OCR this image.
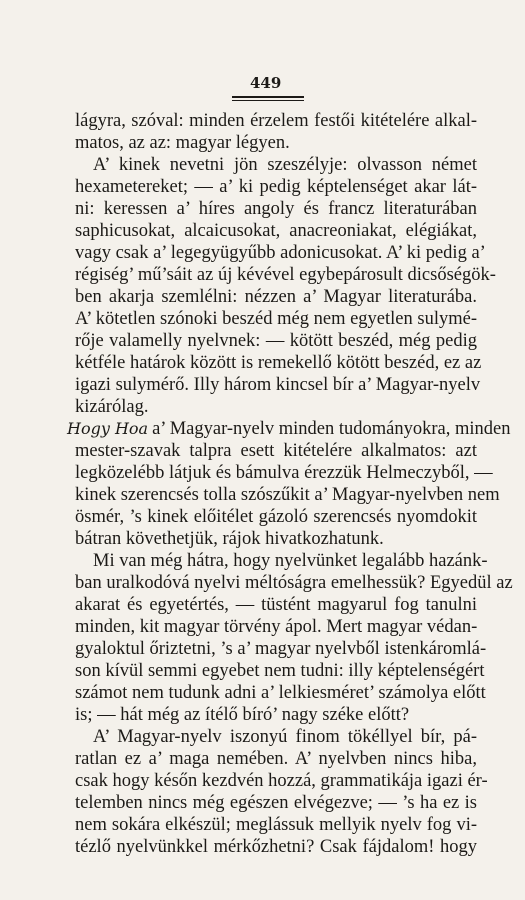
449
lágyra, szóval: minden érzelem festői kitételére alkal-
matos, az az: magyar légyen.
A’ kinek nevetni jön szeszélyje: olvasson német
hexametereket; — a’ ki pedig képtelenséget akar lát-
ni: keressen a’ híres angoly és francz literaturában
saphicusokat, alcaicusokat, anacreoniakat, elégiákat,
vagy csak a’ legegyügyűbb adonicusokat. A’ ki pedig a’
régiség’ mű’sáit az új kévével egybepárosult dicsőségök-
ben akarja szemlélni: nézzen a’ Magyar literaturába.
A’ kötetlen szónoki beszéd még nem egyetlen sulymé-
rője valamelly nyelvnek: — kötött beszéd, még pedig
kétféle határok között is remekellő kötött beszéd, ez az
igazi sulymérő. Illy három kincsel bír a’ Magyar-nyelv
kizárólag.
Hogy Hoa a’ Magyar-nyelv minden tudományokra, minden
mester-szavak talpra esett kitételére alkalmatos: azt
legközelébb látjuk és bámulva érezzük Helmeczyből, —
kinek szerencsés tolla szószűkit a’ Magyar-nyelvben nem
ösmér, ’s kinek előitélet gázoló szerencsés nyomdokit
bátran követhetjük, rájok hivatkozhatunk.
Mi van még hátra, hogy nyelvünket legalább hazánk-
ban uralkodóvá nyelvi méltóságra emelhessük? Egyedül az
akarat és egyetértés, — tüstént magyarul fog tanulni
minden, kit magyar törvény ápol. Mert magyar védan-
gyaloktul őriztetni, ’s a’ magyar nyelvből istenkáromlá-
son kívül semmi egyebet nem tudni: illy képtelenségért
számot nem tudunk adni a’ lelkiesméret’ számolya előtt
is; — hát még az ítélő bíró’ nagy széke előtt?
A’ Magyar-nyelv iszonyú finom tökéllyel bír, pá-
ratlan ez a’ maga nemében. A’ nyelvben nincs hiba,
csak hogy későn kezdvén hozzá, grammatikája igazi ér-
telemben nincs még egészen elvégezve; — ’s ha ez is
nem sokára elkészül; meglássuk mellyik nyelv fog vi-
tézlő nyelvünkkel mérkőzhetni? Csak fájdalom! hogy
